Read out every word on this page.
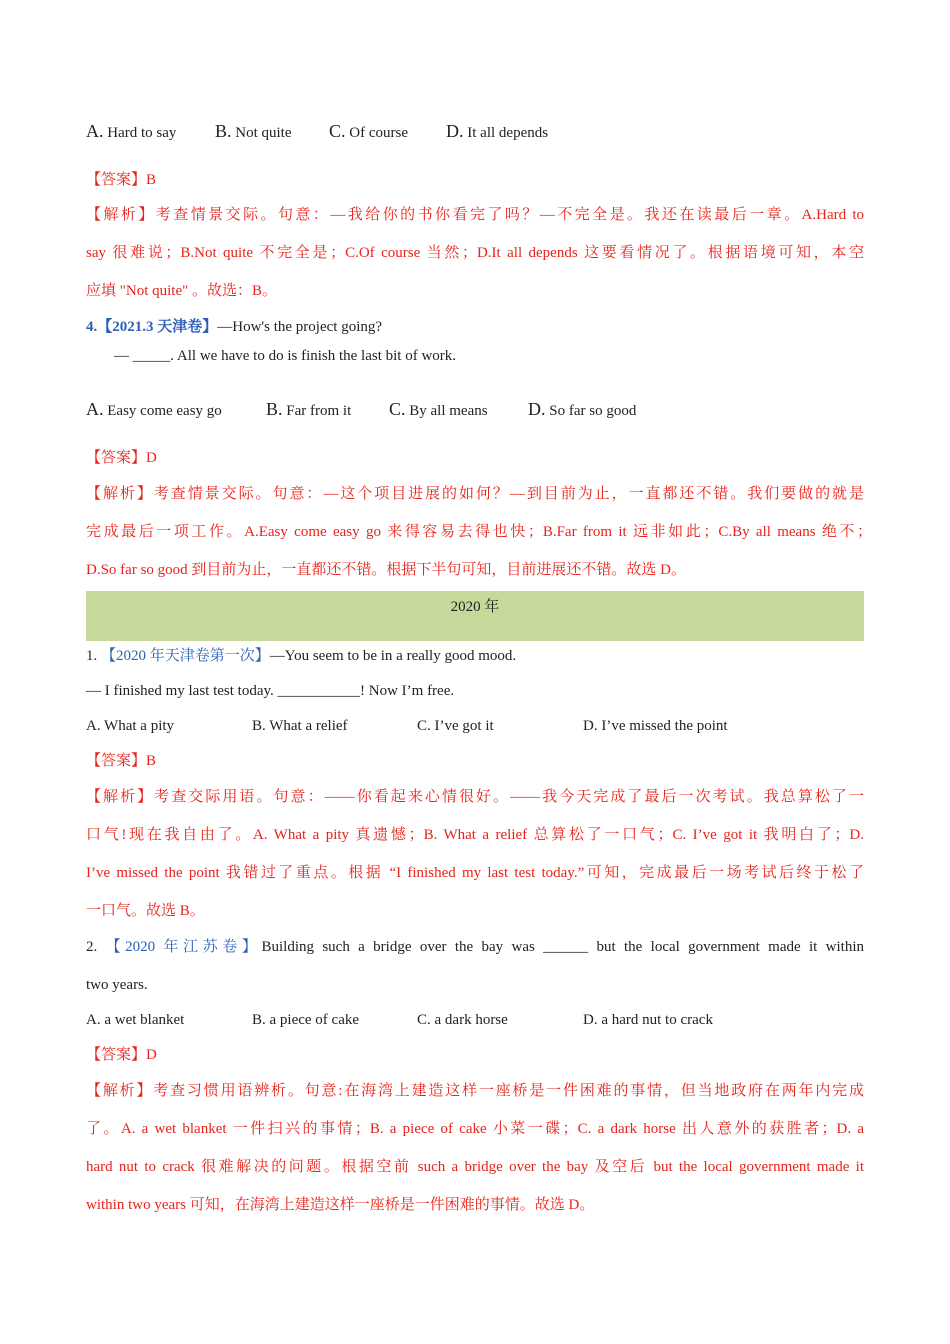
A. Hard to say B. Not quite C. Of course D. It all depends
【答案】B
【解析】考查情景交际。句意：—我给你的书你看完了吗？—不完全是。我还在读最后一章。A.Hard to
say 很难说；B.Not quite 不完全是；C.Of course 当然；D.It all depends 这要看情况了。根据语境可知，本空
应填 "Not quite" 。故选：B。
4.【2021.3 天津卷】—How's the project going?
— _____. All we have to do is finish the last bit of work.
A. Easy come easy go B. Far from it C. By all means D. So far so good
【答案】D
【解析】考查情景交际。句意：—这个项目进展的如何？—到目前为止，一直都还不错。我们要做的就是
完成最后一项工作。A.Easy come easy go 来得容易去得也快；B.Far from it 远非如此；C.By all means 绝不；
D.So far so good 到目前为止，一直都还不错。根据下半句可知，目前进展还不错。故选 D。
2020 年
1. 【2020 年天津卷第一次】—You seem to be in a really good mood.
— I finished my last test today. ___________! Now I’m free.
A. What a pity	B. What a relief	C. I’ve got it	D. I’ve missed the point
【答案】B
【解析】考查交际用语。句意：——你看起来心情很好。——我今天完成了最后一次考试。我总算松了一
口气!现在我自由了。A. What a pity 真遗憾；B. What a relief 总算松了一口气；C. I’ve got it 我明白了；D.
I’ve missed the point 我错过了重点。根据 “I finished my last test today.”可知，完成最后一场考试后终于松了
一口气。故选 B。
2. 【2020 年江苏卷】Building such a bridge over the bay was ______ but the local government made it within
two years.
A. a wet blanket	B. a piece of cake	C. a dark horse	D. a hard nut to crack
【答案】D
【解析】考查习惯用语辨析。句意:在海湾上建造这样一座桥是一件困难的事情，但当地政府在两年内完成
了。A. a wet blanket 一件扫兴的事情；B. a piece of cake 小菜一碟；C. a dark horse 出人意外的获胜者；D. a
hard nut to crack 很难解决的问题。根据空前 such a bridge over the bay 及空后 but the local government made it
within two years 可知，在海湾上建造这样一座桥是一件困难的事情。故选 D。
